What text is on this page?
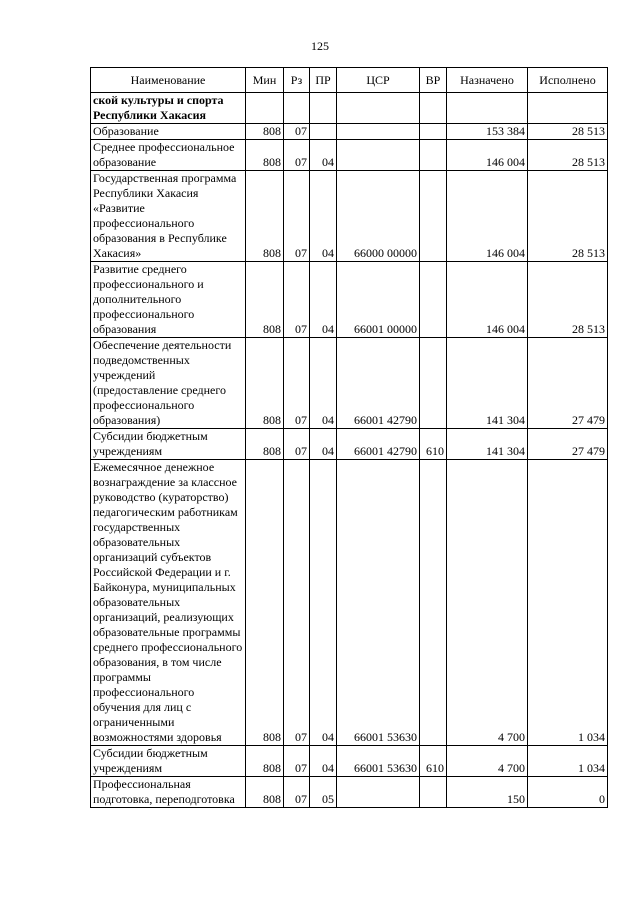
125
Наименование	Мин	Рз	ПР	ЦСР	ВР	Назначено	Исполнено
ской культуры и спорта Республики Хакасия							
Образование	808	07				153 384	28 513
Среднее профессиональное образование	808	07	04			146 004	28 513
Государственная программа Республики Хакасия «Развитие профессионального образования в Республике Хакасия»	808	07	04	66000 00000		146 004	28 513
Развитие среднего профессионального и дополнительного профессионального образования	808	07	04	66001 00000		146 004	28 513
Обеспечение деятельности подведомственных учреждений (предоставление среднего профессионального образования)	808	07	04	66001 42790		141 304	27 479
Субсидии бюджетным учреждениям	808	07	04	66001 42790	610	141 304	27 479
Ежемесячное денежное вознаграждение за классное руководство (кураторство) педагогическим работникам государственных образовательных организаций субъектов Российской Федерации и г. Байконура, муниципальных образовательных организаций, реализующих образовательные программы среднего профессионального образования, в том числе программы профессионального обучения для лиц с ограниченными возможностями здоровья	808	07	04	66001 53630		4 700	1 034
Субсидии бюджетным учреждениям	808	07	04	66001 53630	610	4 700	1 034
Профессиональная подготовка, переподготовка	808	07	05			150	0
